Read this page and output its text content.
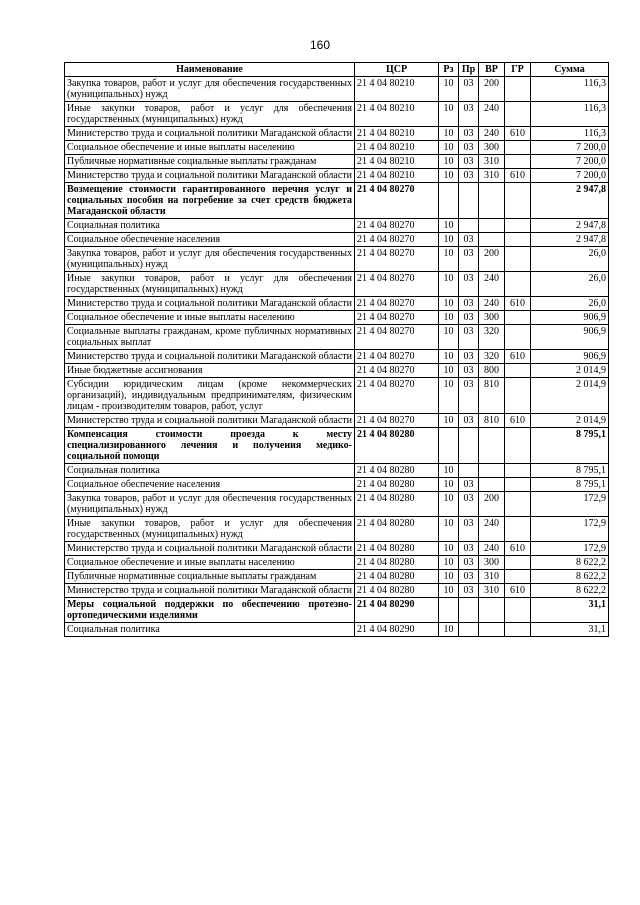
160
Наименование	ЦСР	Рз	Пр	ВР	ГР	Сумма
Закупка товаров, работ и услуг для обеспечения государственных (муниципальных) нужд	21 4 04 80210	10	03	200		116,3
Иные закупки товаров, работ и услуг для обеспечения государственных (муниципальных) нужд	21 4 04 80210	10	03	240		116,3
Министерство труда и социальной политики Магаданской области	21 4 04 80210	10	03	240	610	116,3
Социальное обеспечение и иные выплаты населению	21 4 04 80210	10	03	300		7 200,0
Публичные нормативные социальные выплаты гражданам	21 4 04 80210	10	03	310		7 200,0
Министерство труда и социальной политики Магаданской области	21 4 04 80210	10	03	310	610	7 200,0
Возмещение стоимости гарантированного перечня услуг и социальных пособия на погребение за счет средств бюджета Магаданской области	21 4 04 80270					2 947,8
Социальная политика	21 4 04 80270	10				2 947,8
Социальное обеспечение населения	21 4 04 80270	10	03			2 947,8
Закупка товаров, работ и услуг для обеспечения государственных (муниципальных) нужд	21 4 04 80270	10	03	200		26,0
Иные закупки товаров, работ и услуг для обеспечения государственных (муниципальных) нужд	21 4 04 80270	10	03	240		26,0
Министерство труда и социальной политики Магаданской области	21 4 04 80270	10	03	240	610	26,0
Социальное обеспечение и иные выплаты населению	21 4 04 80270	10	03	300		906,9
Социальные выплаты гражданам, кроме публичных нормативных социальных выплат	21 4 04 80270	10	03	320		906,9
Министерство труда и социальной политики Магаданской области	21 4 04 80270	10	03	320	610	906,9
Иные бюджетные ассигнования	21 4 04 80270	10	03	800		2 014,9
Субсидии юридическим лицам (кроме некоммерческих организаций), индивидуальным предпринимателям, физическим лицам - производителям товаров, работ, услуг	21 4 04 80270	10	03	810		2 014,9
Министерство труда и социальной политики Магаданской области	21 4 04 80270	10	03	810	610	2 014,9
Компенсация стоимости проезда к месту специализированного лечения и получения медико-социальной помощи	21 4 04 80280					8 795,1
Социальная политика	21 4 04 80280	10				8 795,1
Социальное обеспечение населения	21 4 04 80280	10	03			8 795,1
Закупка товаров, работ и услуг для обеспечения государственных (муниципальных) нужд	21 4 04 80280	10	03	200		172,9
Иные закупки товаров, работ и услуг для обеспечения государственных (муниципальных) нужд	21 4 04 80280	10	03	240		172,9
Министерство труда и социальной политики Магаданской области	21 4 04 80280	10	03	240	610	172,9
Социальное обеспечение и иные выплаты населению	21 4 04 80280	10	03	300		8 622,2
Публичные нормативные социальные выплаты гражданам	21 4 04 80280	10	03	310		8 622,2
Министерство труда и социальной политики Магаданской области	21 4 04 80280	10	03	310	610	8 622,2
Меры социальной поддержки по обеспечению протезно-ортопедическими изделиями	21 4 04 80290					31,1
Социальная политика	21 4 04 80290	10				31,1
